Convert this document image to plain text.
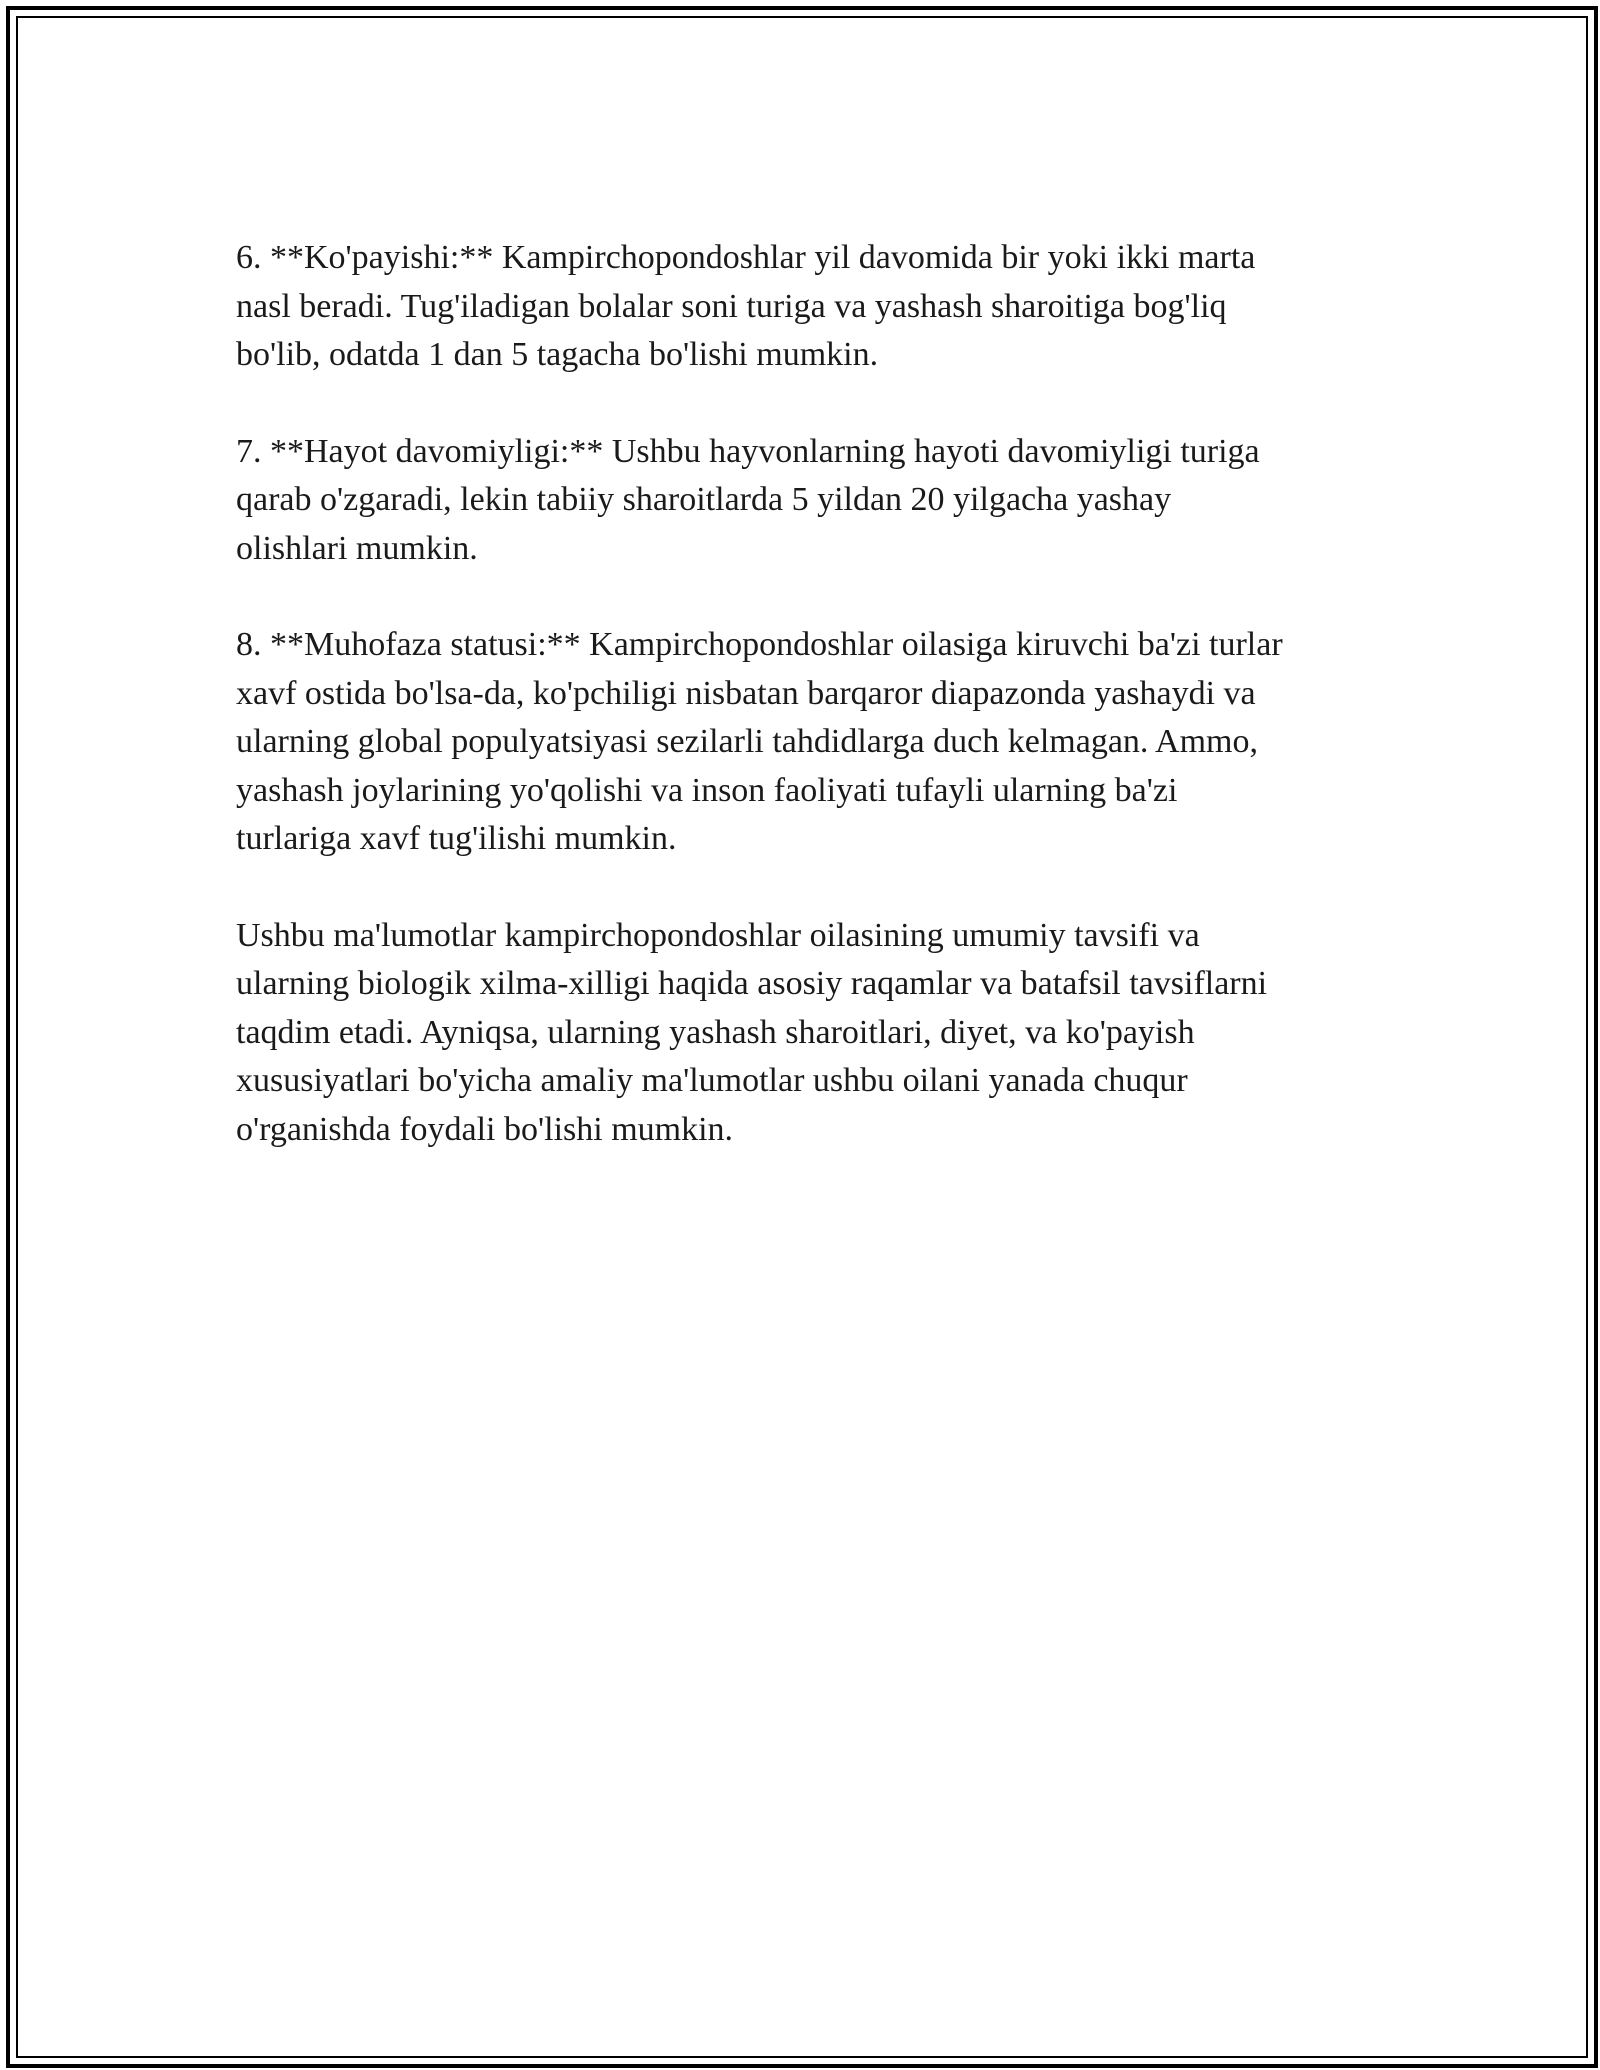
6. **Ko'payishi:** Kampirchopondoshlar yil davomida bir yoki ikki marta
nasl beradi. Tug'iladigan bolalar soni turiga va yashash sharoitiga bog'liq
bo'lib, odatda 1 dan 5 tagacha bo'lishi mumkin.

7. **Hayot davomiyligi:** Ushbu hayvonlarning hayoti davomiyligi turiga
qarab o'zgaradi, lekin tabiiy sharoitlarda 5 yildan 20 yilgacha yashay
olishlari mumkin.

8. **Muhofaza statusi:** Kampirchopondoshlar oilasiga kiruvchi ba'zi turlar
xavf ostida bo'lsa-da, ko'pchiligi nisbatan barqaror diapazonda yashaydi va
ularning global populyatsiyasi sezilarli tahdidlarga duch kelmagan. Ammo,
yashash joylarining yo'qolishi va inson faoliyati tufayli ularning ba'zi
turlariga xavf tug'ilishi mumkin.

Ushbu ma'lumotlar kampirchopondoshlar oilasining umumiy tavsifi va
ularning biologik xilma-xilligi haqida asosiy raqamlar va batafsil tavsiflarni
taqdim etadi. Ayniqsa, ularning yashash sharoitlari, diyet, va ko'payish
xususiyatlari bo'yicha amaliy ma'lumotlar ushbu oilani yanada chuqur
o'rganishda foydali bo'lishi mumkin.
